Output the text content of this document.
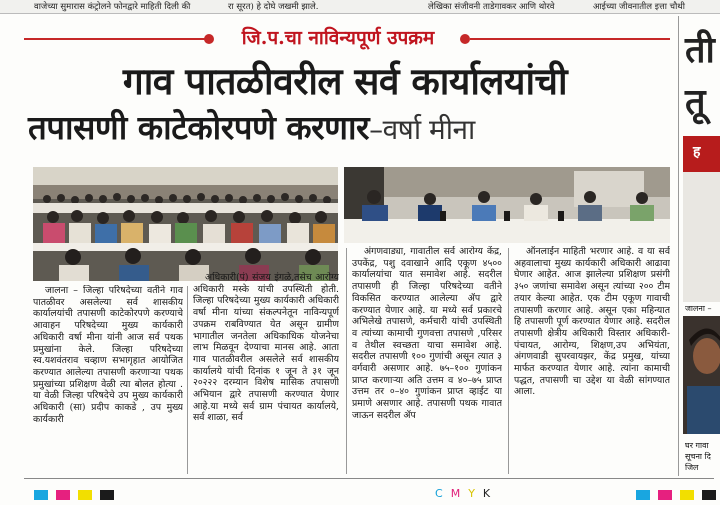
वाजेच्या सुमारास कंट्रोलने फोनद्वारे माहिती दिली की	रा सूरत) हे दोघे जखमी झाले.	लेखिका संजीवनी ताडेगावकर आणि थोरवे	आईच्या जीवनातील इत्ता चौथी
जि.प.चा नाविन्यपूर्ण उपक्रम
गाव पातळीवरील सर्व कार्यालयांची
तपासणी काटेकोरपणे करणार–वर्षा मीना

जालना – जिल्हा परिषदेच्या वतीने गाव पातळीवर असलेल्या सर्व शासकीय कार्यालयांची तपासणी काटेकोरपणे करण्याचे आवाहन परिषदेच्या मुख्य कार्यकारी अधिकारी वर्षा मीना यांनी आज सर्व पथक प्रमुखांना केले. जिल्हा परिषदेच्या स्व.यशवंतराव चव्हाण सभागृहात आयोजित करण्यात आलेल्या तपासणी करणाऱ्या पथक प्रमुखांच्या प्रशिक्षण वेळी त्या बोलत होत्या . या वेळी जिल्हा परिषदेचे उप मुख्य कार्यकारी अधिकारी (सा) प्रदीप काकडे , उप मुख्य कार्यकारी

अधिकारी(पं) संजय इंगळे,तसेच आरोग्य अधिकारी मस्के यांची उपस्थिती होती. जिल्हा परिषदेच्या मुख्य कार्यकारी अधिकारी वर्षा मीना यांच्या संकल्पनेतून नाविन्यपूर्ण उपक्रम राबविण्यात येत असून ग्रामीण भागातील जनतेला अधिकाधिक योजनेचा लाभ मिळवून देण्याचा मानस आहे. आता गाव पातळीवरील असलेले सर्व शासकीय कार्यालये यांची दिनांक १ जून ते ३१ जून २०२२२ दरम्यान विशेष मासिक तपासणी अभियान द्वारे तपासणी करण्यात येणार आहे.या मध्ये सर्व ग्राम पंचायत कार्यालये, सर्व शाळा, सर्व

अंगणवाड्या, गावातील सर्व आरोग्य केंद्र, उपकेंद्र, पशु दवाखाने आदि एकूण ४५०० कार्यालयांचा यात समावेश आहे. सदरील तपासणी ही जिल्हा परिषदेच्या वतीने विकसित करण्यात आलेल्या ॲप द्वारे करण्यात येणार आहे. या मध्ये सर्व प्रकारचे अभिलेखे तपासणे, कर्मचारी यांची उपस्थिती व त्यांच्या कामाची गुणवत्ता तपासणे ,परिसर व तेथील स्वच्छता याचा समावेश आहे. सदरील तपासणी १०० गुणांची असून त्यात ३ वर्गवारी असणार आहे. ७५–१०० गुणांकन प्राप्त करणाऱ्या अति उत्तम व ४०–७५ प्राप्त उत्तम तर ०–४० गुणांकन प्राप्त व्हाईट या प्रमाणे असणार आहे. तपासणी पथक गावात जाऊन सदरील ॲप

ऑनलाईन माहिती भरणार आहे. व या सर्व अहवालाचा मुख्य कार्यकारी अधिकारी आढावा घेणार आहेत. आज झालेल्या प्रशिक्षण प्रसंगी ३५० जणांचा समावेश असून त्यांच्या २०० टीम तयार केल्या आहेत. एक टीम एकूण गावाची तपासणी करणार आहे. असून एका महिन्यात हि तपासणी पूर्ण करण्यात येणार आहे. सदरील तपासणी क्षेत्रीय अधिकारी विस्तार अधिकारी-पंचायत, आरोग्य, शिक्षण,उप अभियंता, अंगणवाडी सुपरवायझर, केंद्र प्रमुख, यांच्या मार्फत करण्यात येणार आहे. त्यांना कामाची पद्धत, तपासणी चा उद्देश या वेळी सांगण्यात आला.

ती
तू
ह
जालना –
घर गावा
सूचना दि
जिल
CMYK
